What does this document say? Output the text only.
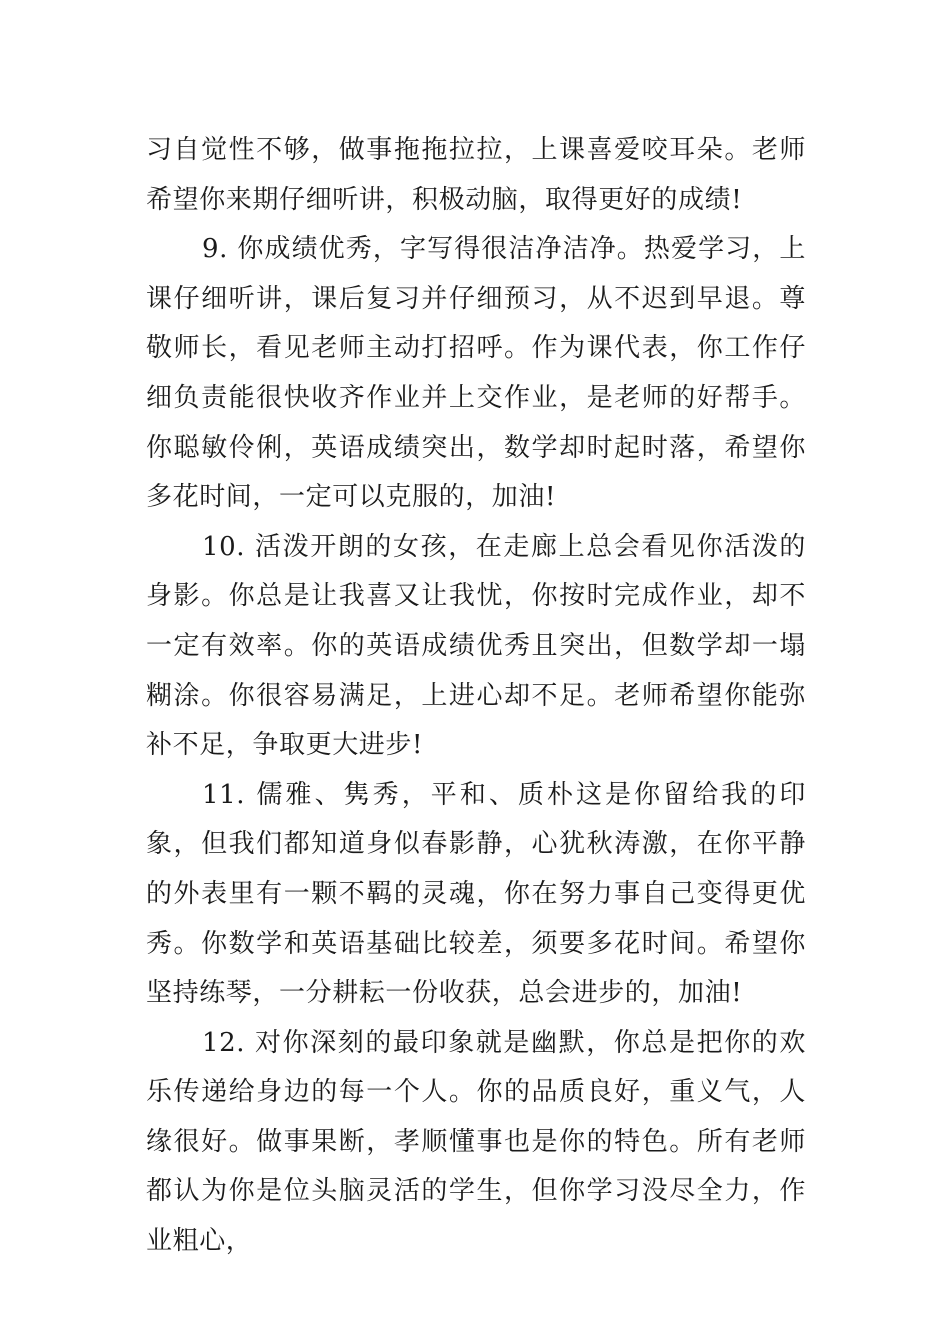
习自觉性不够，做事拖拖拉拉，上课喜爱咬耳朵。老师希望你来期仔细听讲，积极动脑，取得更好的成绩!

9. 你成绩优秀，字写得很洁净洁净。热爱学习，上课仔细听讲，课后复习并仔细预习，从不迟到早退。尊敬师长，看见老师主动打招呼。作为课代表，你工作仔细负责能很快收齐作业并上交作业，是老师的好帮手。你聪敏伶俐，英语成绩突出，数学却时起时落，希望你多花时间，一定可以克服的，加油!

10. 活泼开朗的女孩，在走廊上总会看见你活泼的身影。你总是让我喜又让我忧，你按时完成作业，却不一定有效率。你的英语成绩优秀且突出，但数学却一塌糊涂。你很容易满足，上进心却不足。老师希望你能弥补不足，争取更大进步!

11. 儒雅、隽秀，平和、质朴这是你留给我的印象，但我们都知道身似春影静，心犹秋涛激，在你平静的外表里有一颗不羁的灵魂，你在努力事自己变得更优秀。你数学和英语基础比较差，须要多花时间。希望你坚持练琴，一分耕耘一份收获，总会进步的，加油!

12. 对你深刻的最印象就是幽默，你总是把你的欢乐传递给身边的每一个人。你的品质良好，重义气，人缘很好。做事果断，孝顺懂事也是你的特色。所有老师都认为你是位头脑灵活的学生，但你学习没尽全力，作业粗心，
